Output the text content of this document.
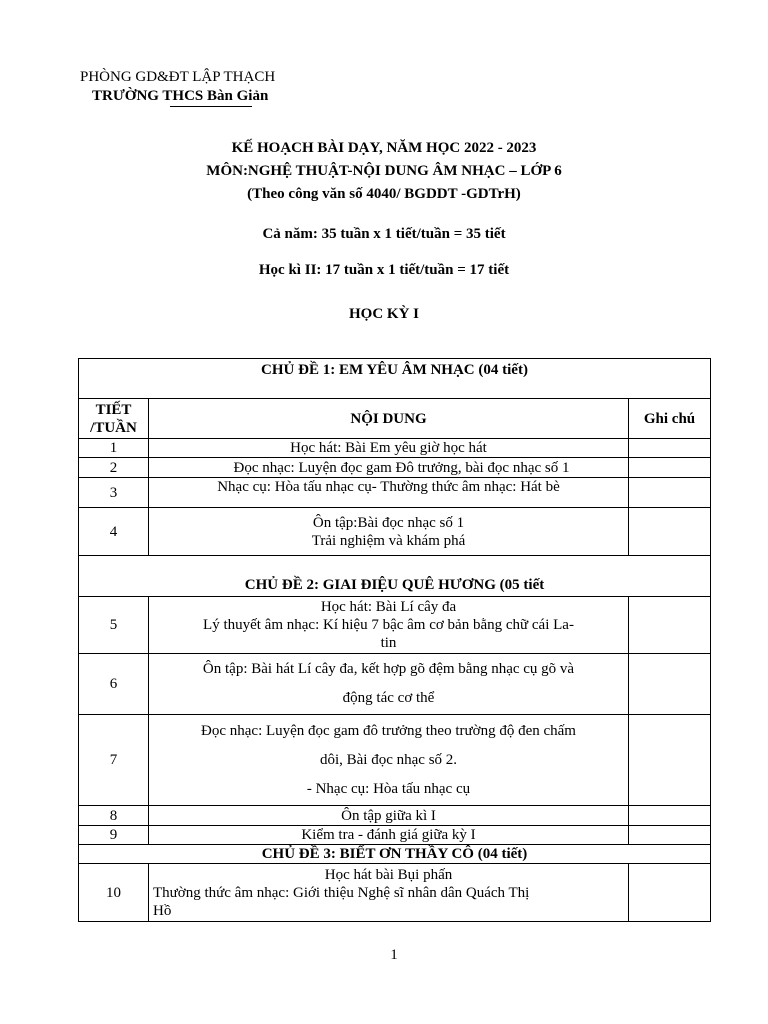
PHÒNG GD&ĐT LẬP THẠCH
TRƯỜNG THCS Bàn Giản
KẾ HOẠCH BÀI DẠY, NĂM HỌC 2022 - 2023
MÔN:NGHỆ THUẬT-NỘI DUNG ÂM NHẠC – LỚP 6
(Theo công văn số 4040/ BGDDT -GDTrH)
Cả năm: 35 tuần x 1 tiết/tuần = 35 tiết
Học kì II: 17 tuần x 1 tiết/tuần = 17 tiết
HỌC KỲ I
CHỦ ĐỀ 1: EM YÊU ÂM NHẠC (04 tiết)		

TIẾT
/TUẦN	NỘI DUNG	Ghi chú
1	Học hát: Bài Em yêu giờ học hát	
2	Đọc nhạc: Luyện đọc gam Đô trưởng, bài đọc nhạc số 1	
3	Nhạc cụ: Hòa tấu nhạc cụ- Thường thức âm nhạc: Hát bè	
4	Ôn tập:Bài đọc nhạc số 1
Trải nghiệm và khám phá	

CHỦ ĐỀ 2: GIAI ĐIỆU QUÊ HƯƠNG (05 tiết		
5	Học hát: Bài Lí cây đa
Lý thuyết âm nhạc: Kí hiệu 7 bậc âm cơ bản bằng chữ cái La-
tin	

6	Ôn tập: Bài hát Lí cây đa, kết hợp gõ đệm bằng nhạc cụ gõ và
động tác cơ thể	

7	Đọc nhạc: Luyện đọc gam đô trưởng theo trường độ đen chấm
dôi, Bài đọc nhạc số 2.
- Nhạc cụ: Hòa tấu nhạc cụ	

8	Ôn tập giữa kì I	
9	Kiểm tra - đánh giá giữa kỳ I	
CHỦ ĐỀ 3: BIẾT ƠN THẦY CÔ (04 tiết)		
10	Học hát bài Bụi phấn
Thường thức âm nhạc: Giới thiệu Nghệ sĩ nhân dân Quách Thị
Hồ	

1
